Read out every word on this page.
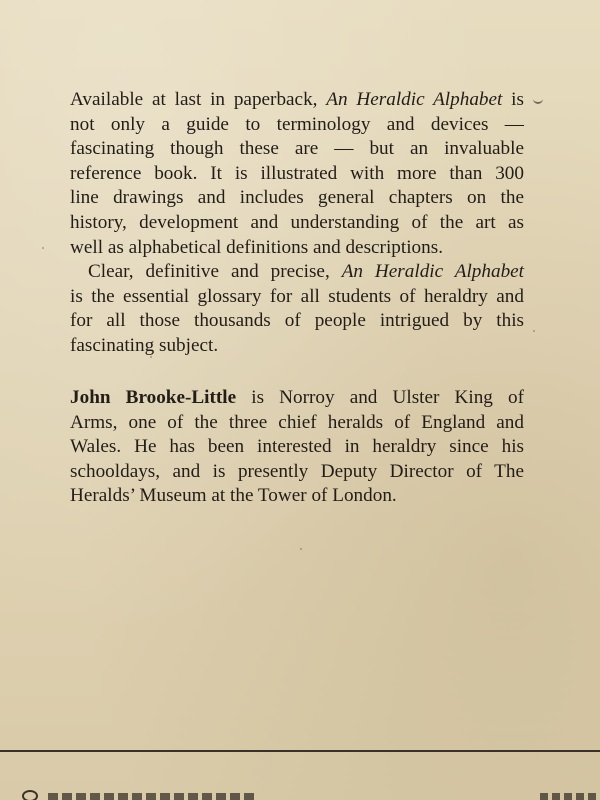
Available at last in paperback, An Heraldic Alphabet is
not only a guide to terminology and devices —
fascinating though these are — but an invaluable
reference book. It is illustrated with more than 300
line drawings and includes general chapters on the
history, development and understanding of the art as
well as alphabetical definitions and descriptions.
Clear, definitive and precise, An Heraldic Alphabet
is the essential glossary for all students of heraldry and
for all those thousands of people intrigued by this
fascinating subject.
John Brooke-Little is Norroy and Ulster King of
Arms, one of the three chief heralds of England and
Wales. He has been interested in heraldry since his
schooldays, and is presently Deputy Director of The
Heralds’ Museum at the Tower of London.
